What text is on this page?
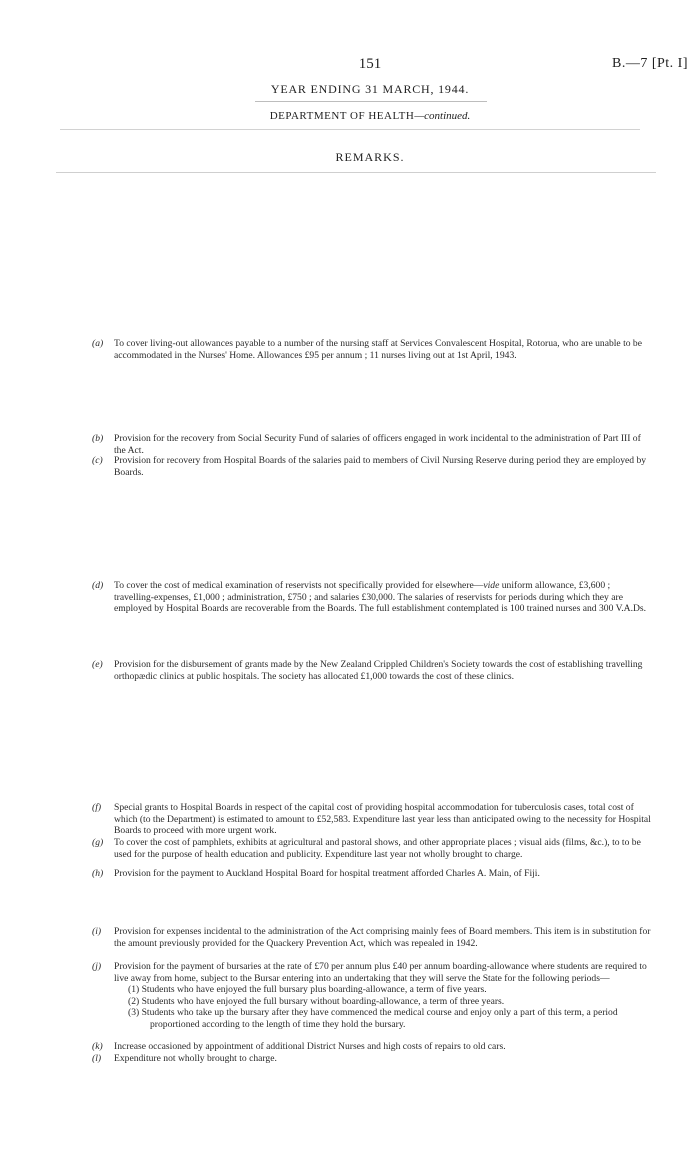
151	B.—7 [Pt. I]
YEAR ENDING 31 MARCH, 1944.
DEPARTMENT OF HEALTH—continued.
REMARKS.

(a) To cover living-out allowances payable to a number of the nursing staff at Services Convalescent Hospital, Rotorua, who are unable to be accommodated in the Nurses' Home. Allowances £95 per annum ; 11 nurses living out at 1st April, 1943.

(b) Provision for the recovery from Social Security Fund of salaries of officers engaged in work incidental to the administration of Part III of the Act.

(c) Provision for recovery from Hospital Boards of the salaries paid to members of Civil Nursing Reserve during period they are employed by Boards.

(d) To cover the cost of medical examination of reservists not specifically provided for elsewhere—vide uniform allowance, £3,600 ; travelling-expenses, £1,000 ; administration, £750 ; and salaries £30,000. The salaries of reservists for periods during which they are employed by Hospital Boards are recoverable from the Boards. The full establishment contemplated is 100 trained nurses and 300 V.A.Ds.

(e) Provision for the disbursement of grants made by the New Zealand Crippled Children's Society towards the cost of establishing travelling orthopædic clinics at public hospitals. The society has allocated £1,000 towards the cost of these clinics.

(f) Special grants to Hospital Boards in respect of the capital cost of providing hospital accommodation for tuberculosis cases, total cost of which (to the Department) is estimated to amount to £52,583. Expenditure last year less than anticipated owing to the necessity for Hospital Boards to proceed with more urgent work.

(g) To cover the cost of pamphlets, exhibits at agricultural and pastoral shows, and other appropriate places ; visual aids (films, &c.), to to be used for the purpose of health education and publicity. Expenditure last year not wholly brought to charge.

(h) Provision for the payment to Auckland Hospital Board for hospital treatment afforded Charles A. Main, of Fiji.

(i) Provision for expenses incidental to the administration of the Act comprising mainly fees of Board members. This item is in substitution for the amount previously provided for the Quackery Prevention Act, which was repealed in 1942.

(j) Provision for the payment of bursaries at the rate of £70 per annum plus £40 per annum boarding-allowance where students are required to live away from home, subject to the Bursar entering into an undertaking that they will serve the State for the following periods—

(1) Students who have enjoyed the full bursary plus boarding-allowance, a term of five years.

(2) Students who have enjoyed the full bursary without boarding-allowance, a term of three years.

(3) Students who take up the bursary after they have commenced the medical course and enjoy only a part of this term, a period proportioned according to the length of time they hold the bursary.

(k) Increase occasioned by appointment of additional District Nurses and high costs of repairs to old cars.

(l) Expenditure not wholly brought to charge.
